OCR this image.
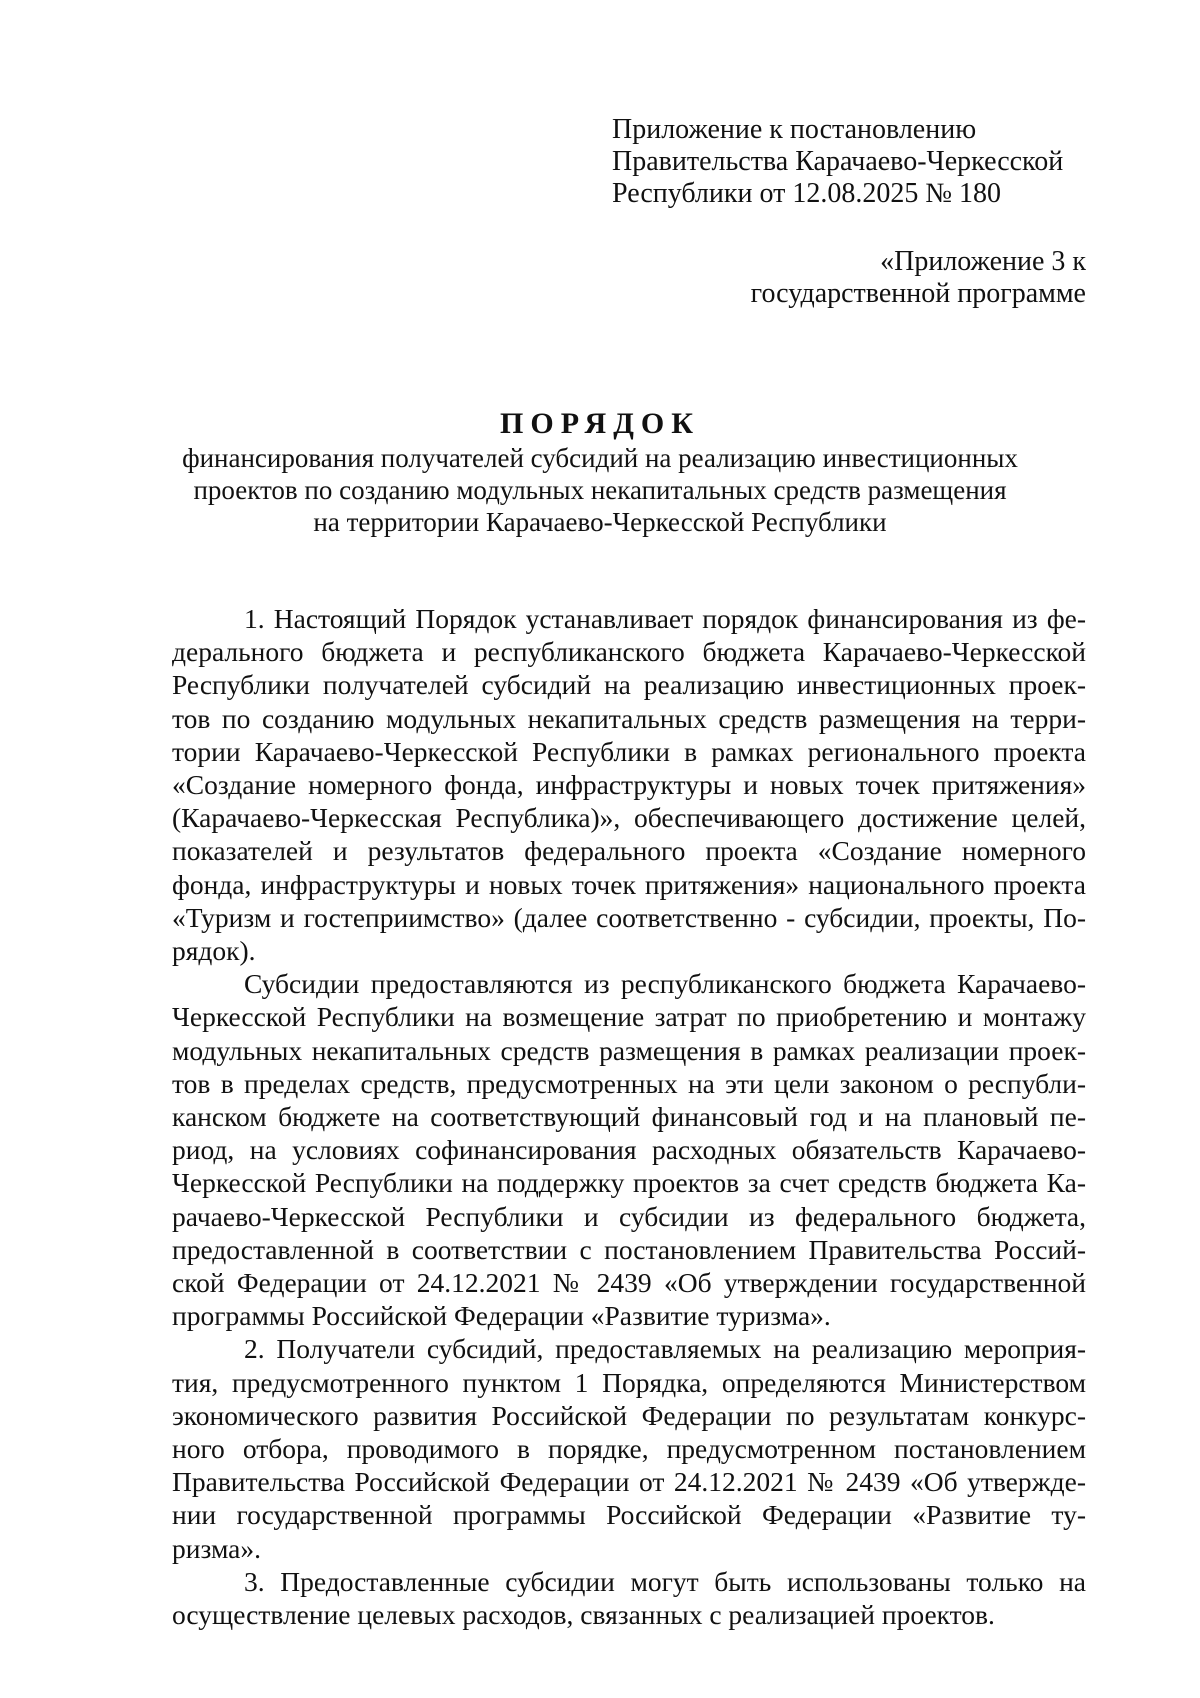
Приложение к постановлению
Правительства Карачаево-Черкесской
Республики от 12.08.2025 № 180
«Приложение 3 к
государственной программе
ПОРЯДОК
финансирования получателей субсидий на реализацию инвестиционных
проектов по созданию модульных некапитальных средств размещения
на территории Карачаево-Черкесской Республики
1. Настоящий Порядок устанавливает порядок финансирования из фе-
дерального бюджета и республиканского бюджета Карачаево-Черкесской
Республики получателей субсидий на реализацию инвестиционных проек-
тов по созданию модульных некапитальных средств размещения на терри-
тории Карачаево-Черкесской Республики в рамках регионального проекта
«Создание номерного фонда, инфраструктуры и новых точек притяжения»
(Карачаево-Черкесская Республика)», обеспечивающего достижение целей,
показателей и результатов федерального проекта «Создание номерного
фонда, инфраструктуры и новых точек притяжения» национального проекта
«Туризм и гостеприимство» (далее соответственно - субсидии, проекты, По-
рядок).
Субсидии предоставляются из республиканского бюджета Карачаево-
Черкесской Республики на возмещение затрат по приобретению и монтажу
модульных некапитальных средств размещения в рамках реализации проек-
тов в пределах средств, предусмотренных на эти цели законом о республи-
канском бюджете на соответствующий финансовый год и на плановый пе-
риод, на условиях софинансирования расходных обязательств Карачаево-
Черкесской Республики на поддержку проектов за счет средств бюджета Ка-
рачаево-Черкесской Республики и субсидии из федерального бюджета,
предоставленной в соответствии с постановлением Правительства Россий-
ской Федерации от 24.12.2021 № 2439 «Об утверждении государственной
программы Российской Федерации «Развитие туризма».
2. Получатели субсидий, предоставляемых на реализацию мероприя-
тия, предусмотренного пунктом 1 Порядка, определяются Министерством
экономического развития Российской Федерации по результатам конкурс-
ного отбора, проводимого в порядке, предусмотренном постановлением
Правительства Российской Федерации от 24.12.2021 № 2439 «Об утвержде-
нии государственной программы Российской Федерации «Развитие ту-
ризма».
3. Предоставленные субсидии могут быть использованы только на
осуществление целевых расходов, связанных с реализацией проектов.
